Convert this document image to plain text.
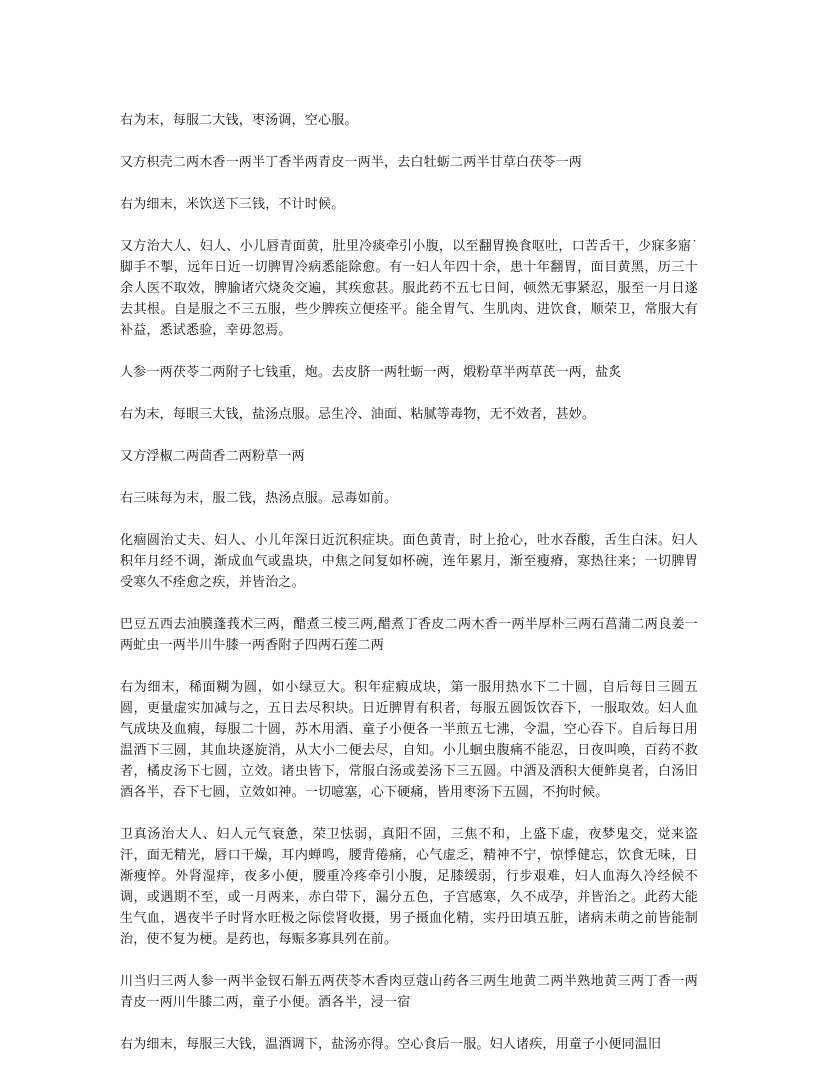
右为末，每服二大钱，枣汤调，空心服。

又方枳壳二两木香一两半丁香半两青皮一两半，去白牡蛎二两半甘草白茯苓一两

右为细末，米饮送下三钱，不计时候。

又方治大人、妇人、小儿唇青面黄，肚里冷痰牵引小腹，以至翻胃换食呕吐，口苦舌干，少寐多寤˙脚手不掣，远年日近一切脾胃冷病悉能除愈。有一妇人年四十余，患十年翻胃，面目黄黑，历三十余人医不取效，脾腧诸穴烧灸交遍，其疾愈甚。服此药不五七日间，顿然无事紧忍，服至一月日遂去其根。自是服之不三五服，些少脾疾立便痊平。能全胃气、生肌肉、进饮食，顺荣卫，常服大有补益，悉试悉验，幸毋忽焉。

人参一两茯苓二两附子七钱重，炮。去皮脐一两牡蛎一两，煅粉草半两草芪一两，盐炙

右为末，每眼三大钱，盐汤点服。忌生冷、油面、粘腻等毒物，无不效者，甚妙。

又方浮椒二两茴香二两粉草一两

右三味每为末，服二钱，热汤点服。忌毒如前。

化痼圆治丈夫、妇人、小儿年深日近沉积症块。面色黄青，时上抢心，吐水吞酸，舌生白沫。妇人积年月经不调，渐成血气或蛊块，中焦之间复如杯碗，连年累月，渐至瘦瘠，寒热往来；一切脾胃受寒久不痊愈之疾，并皆治之。

巴豆五西去油膜蓬莪术三两，醋煮三棱三两,醋煮丁香皮二两木香一两半厚朴三两石菖蒲二两良姜一两虻虫一两半川牛膝一两香附子四两石莲二两

右为细末，稀面糊为圆，如小绿豆大。积年症瘕成块，第一服用热水下二十圆，自后每日三圆五圆，更量虚实加减与之，五日去尽积块。日近脾胃有积者，每服五圆饭饮吞下，一服取效。妇人血气成块及血瘕，每服二十圆，苏木用酒、童子小便各一半煎五七沸，令温，空心吞下。自后每日用温酒下三圆，其血块逐旋消，从大小二便去尽，自知。小儿蛔虫腹痛不能忍，日夜叫唤，百药不救者，橘皮汤下七圆，立效。诸虫皆下，常服白汤或姜汤下三五圆。中酒及酒积大便鲊臭者，白汤旧酒各半，吞下七圆，立效如神。一切噫塞，心下硬痛，皆用枣汤下五圆，不拘时候。

卫真汤治大人、妇人元气衰惫，荣卫怯弱，真阳不固，三焦不和，上盛下虚，夜梦鬼交，觉来盗汗，面无精光，唇口干燥，耳内蝉鸣，腰背倦痛，心气虚乏，精神不宁，惊悸健忘，饮食无味，日渐瘦悴。外肾湿痒，夜多小便，腰重冷疼牵引小腹，足膝缓弱，行步艰难，妇人血海久冷经候不调，或遇期不至，或一月两来，赤白带下，漏分五色，子宫感寒，久不成孕，并皆治之。此药大能生气血，遇夜半子时肾水旺极之际偿肾收摄，男子摄血化精，实丹田填五脏，诸病未萌之前皆能制治，使不复为梗。是药也，每赈多寡具列在前。

川当归三两人参一两半金钗石斛五两茯苓木香肉豆蔻山药各三两生地黄二两半熟地黄三两丁香一两青皮一两川牛膝二两，童子小便。酒各半，浸一宿

右为细末，每服三大钱，温酒调下，盐汤亦得。空心食后一服。妇人诸疾，用童子小便同温旧
